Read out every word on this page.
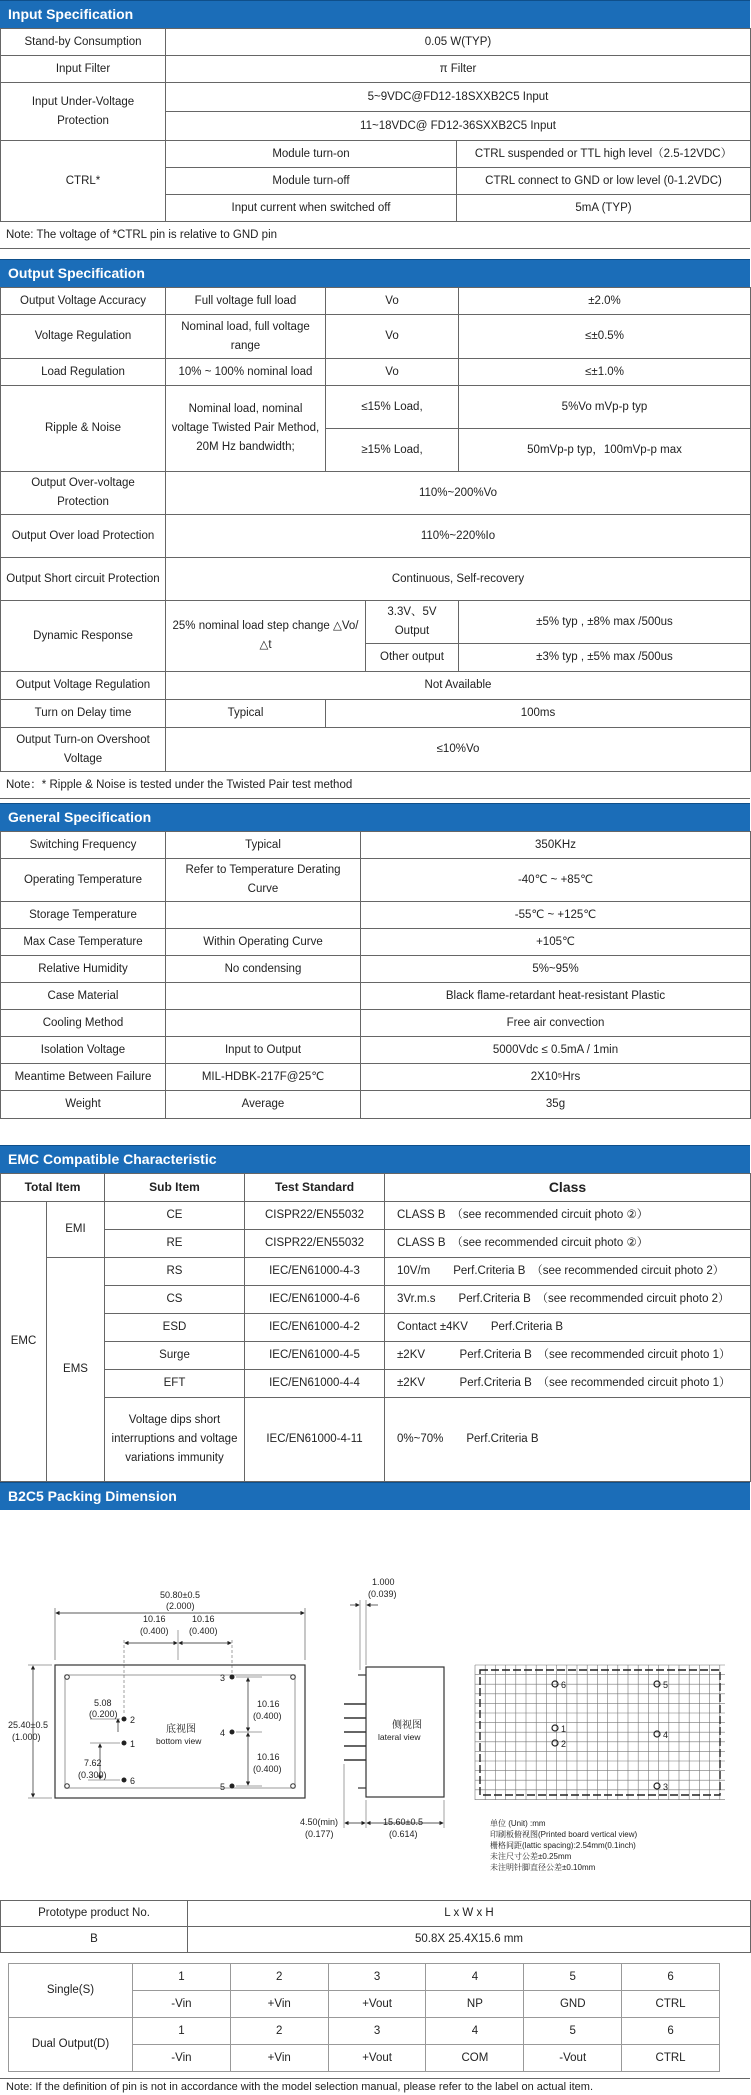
Input Specification
Stand-by Consumption	0.05 W(TYP)	
Input Filter	π Filter	
Input Under-Voltage Protection	5~9VDC@FD12-18SXXB2C5 Input	
	11~18VDC@ FD12-36SXXB2C5 Input	
CTRL*	Module turn-on	CTRL suspended or TTL high level（2.5-12VDC）
	Module turn-off	CTRL connect to GND or low level (0-1.2VDC)
	Input current when switched off	5mA (TYP)
Note: The voltage of *CTRL pin is relative to GND pin
Output Specification
Output Voltage Accuracy	Full voltage full load	Vo		±2.0%
Voltage Regulation	Nominal load, full voltage range	Vo		≤±0.5%
Load Regulation	10% ~ 100% nominal load	Vo		≤±1.0%
Ripple & Noise	Nominal load, nominal voltage Twisted Pair Method, 20M Hz bandwidth;	≤15% Load,		5%Vo mVp-p typ
		≥15% Load,		50mVp-p typ，100mVp-p max
Output Over-voltage Protection	110%~200%Vo			
Output Over load Protection	110%~220%Io			
Output Short circuit Protection	Continuous, Self-recovery			
Dynamic Response	25% nominal load step change △Vo/△t		3.3V、5V Output	±5% typ , ±8% max /500us
			Other output	±3% typ , ±5% max /500us
Output Voltage Regulation	Not Available			
Turn on Delay time	Typical	100ms		
Output Turn-on Overshoot Voltage	≤10%Vo			
Note：* Ripple & Noise is tested under the Twisted Pair test method
General Specification
Switching Frequency	Typical	350KHz
Operating Temperature	Refer to Temperature Derating Curve	-40℃ ~ +85℃
Storage Temperature		-55℃ ~ +125℃
Max Case Temperature	Within Operating Curve	+105℃
Relative Humidity	No condensing	5%~95%
Case Material		Black flame-retardant heat-resistant Plastic
Cooling Method		Free air convection
Isolation Voltage	Input to Output	5000Vdc ≤ 0.5mA / 1min
Meantime Between Failure	MIL-HDBK-217F@25℃	2X10⁵Hrs
Weight	Average	35g
EMC Compatible Characteristic
Total Item		Sub Item	Test Standard	Class
EMC	EMI	CE	CISPR22/EN55032	CLASS B　（see recommended circuit photo ②）
		RE	CISPR22/EN55032	CLASS B　（see recommended circuit photo ②）
	EMS	RS	IEC/EN61000-4-3	10V/m　　Perf.Criteria B　（see recommended circuit photo 2）
		CS	IEC/EN61000-4-6	3Vr.m.s　　Perf.Criteria B　（see recommended circuit photo 2）
		ESD	IEC/EN61000-4-2	Contact ±4KV　　Perf.Criteria B
		Surge	IEC/EN61000-4-5	±2KV　　　Perf.Criteria B　（see recommended circuit photo 1）
		EFT	IEC/EN61000-4-4	±2KV　　　Perf.Criteria B　（see recommended circuit photo 1）
		Voltage dips short interruptions and voltage variations immunity	IEC/EN61000-4-11	0%~70%　　Perf.Criteria B
B2C5 Packing Dimension
2
1
6
3
4
5
底视图
bottom view
50.80±0.5
(2.000)
10.16
(0.400)
10.16
(0.400)
25.40±0.5
(1.000)
5.08
(0.200)
7.62
(0.300)
10.16
(0.400)
10.16
(0.400)
侧视图
lateral view
1.000
(0.039)
4.50(min)
(0.177)
15.60±0.5
(0.614)
6
1
2
5
4
3
单位 (Unit) :mm
印刷板俯视图(Printed board vertical view)
栅格间距(lattic spacing):2.54mm(0.1inch)
未注尺寸公差±0.25mm
未注明针脚直径公差±0.10mm
Prototype product No.	L x W x H
B	50.8X 25.4X15.6 mm
Single(S)	1	2	3	4	5	6
	-Vin	+Vin	+Vout	NP	GND	CTRL
Dual Output(D)	1	2	3	4	5	6
	-Vin	+Vin	+Vout	COM	-Vout	CTRL
Note: If the definition of pin is not in accordance with the model selection manual, please refer to the label on actual item.
